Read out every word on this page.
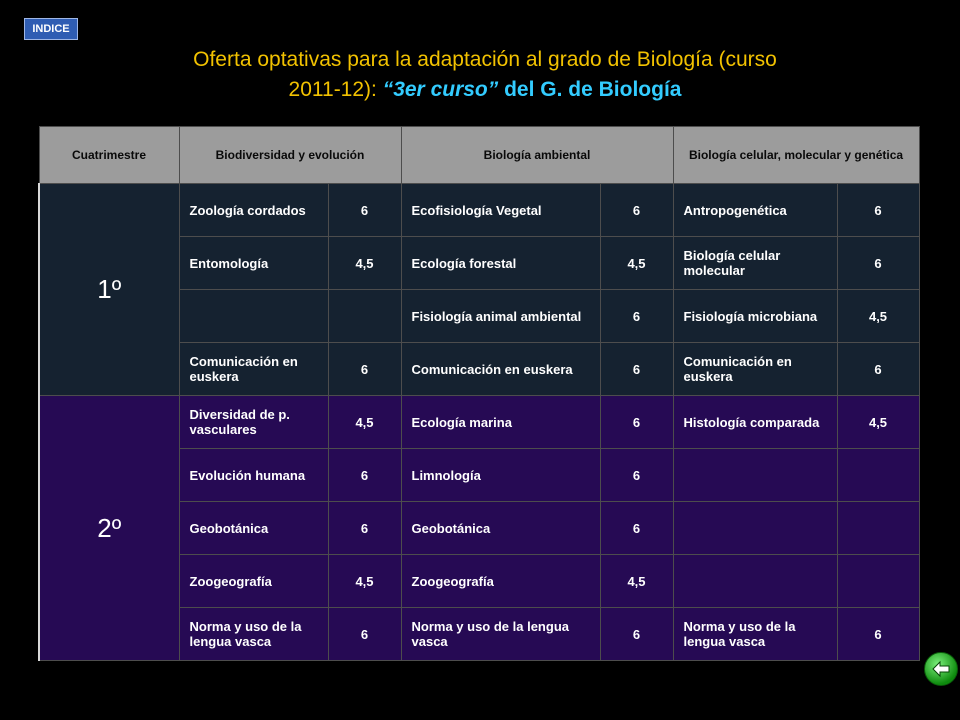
INDICE
Oferta optativas para la adaptación al grado de Biología (curso
2011-12): “3er curso” del G. de Biología
Cuatrimestre	Biodiversidad y evolución		Biología ambiental		Biología celular, molecular y genética	
1º	Zoología cordados	6	Ecofisiología Vegetal	6	Antropogenética	6
	Entomología	4,5	Ecología forestal	4,5	Biología celular molecular	6
			Fisiología animal ambiental	6	Fisiología microbiana	4,5
	Comunicación en euskera	6	Comunicación en euskera	6	Comunicación en euskera	6
2º	Diversidad de p. vasculares	4,5	Ecología marina	6	Histología comparada	4,5
	Evolución humana	6	Limnología	6		
	Geobotánica	6	Geobotánica	6		
	Zoogeografía	4,5	Zoogeografía	4,5		
	Norma y uso de la lengua vasca	6	Norma y uso de la lengua vasca	6	Norma y uso de la lengua vasca	6
